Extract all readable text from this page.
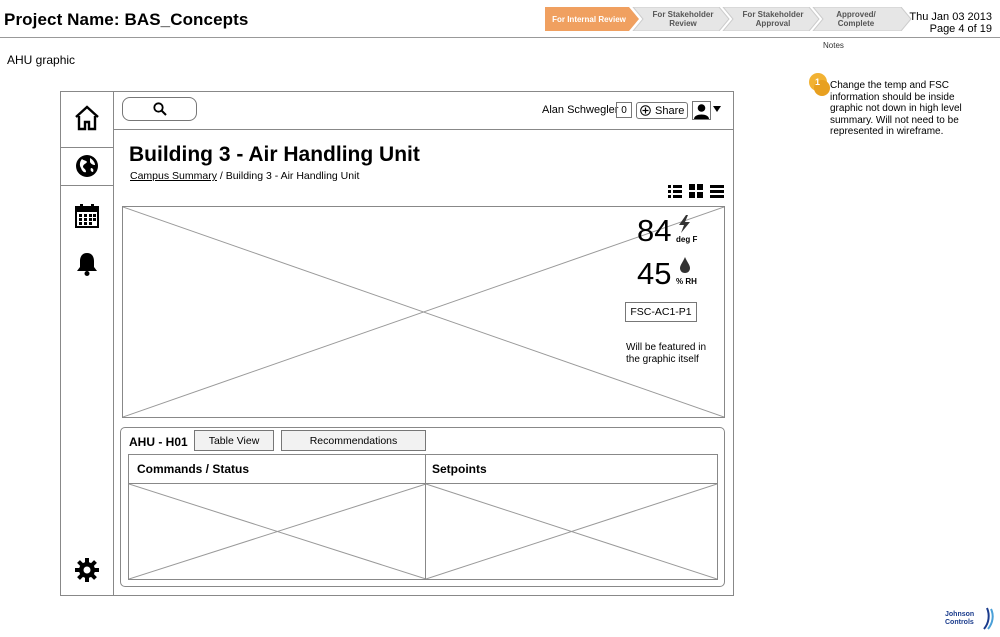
Project Name: BAS_Concepts	For Internal Review	For Stakeholder Review
For Stakeholder Approval
Approved/ Complete
Thu Jan 03 2013
Page 4 of 19
Notes
AHU graphic
1 Change the temp and FSC information should be inside graphic not down in high level summary. Will not need to be represented in wireframe.
Alan Schwegler 0	Share
Building 3 - Air Handling Unit
Campus Summary / Building 3 - Air Handling Unit
84 deg F
45 % RH
FSC-AC1-P1
Will be featured in the graphic itself
AHU - H01	Table View	Recommendations
Commands / Status	Setpoints
Johnson
Controls
